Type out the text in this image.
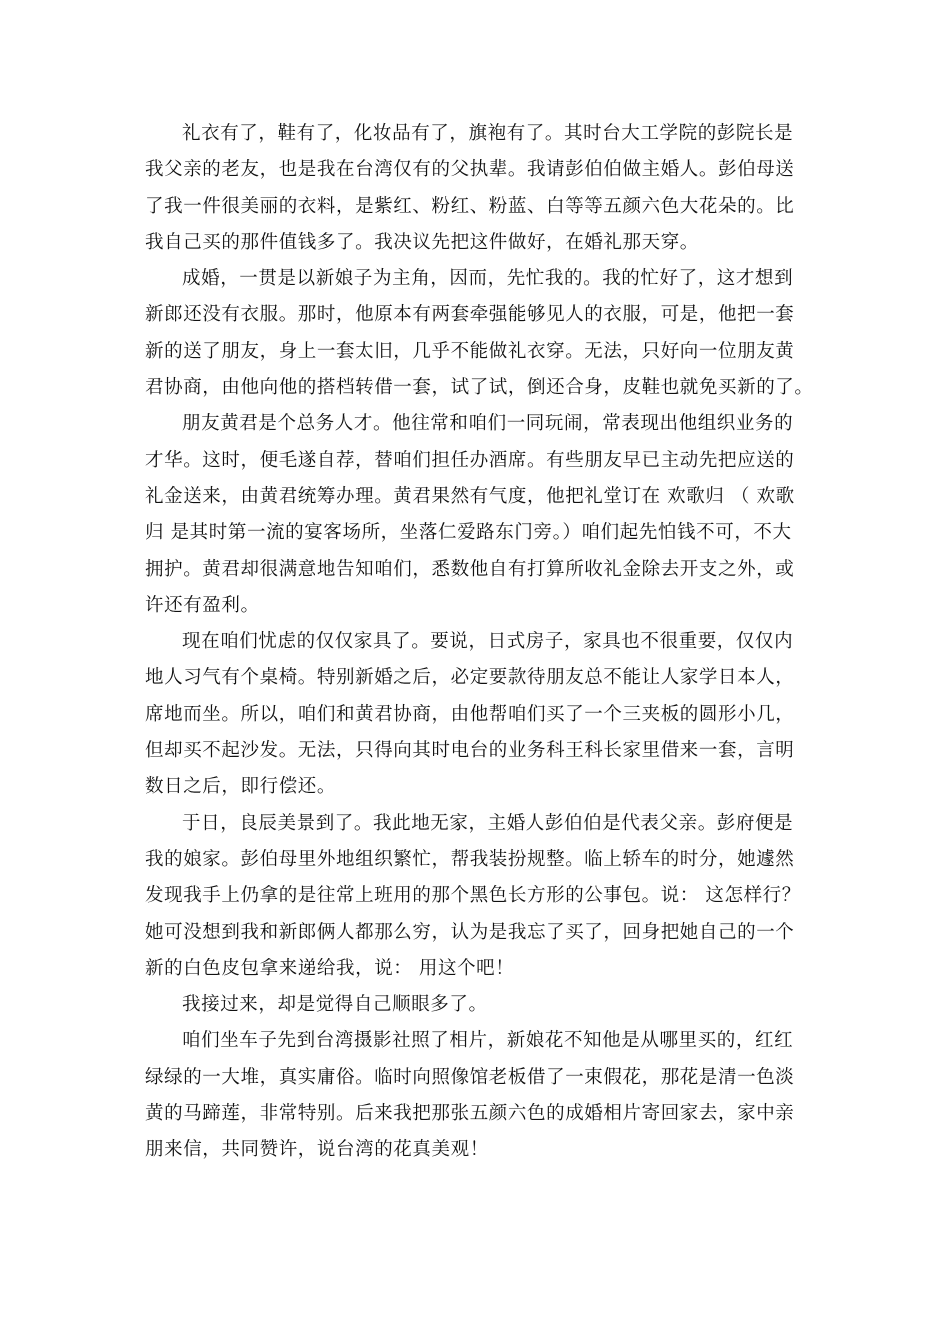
礼衣有了，鞋有了，化妆品有了，旗袍有了。其时台大工学院的彭院长是
我父亲的老友，也是我在台湾仅有的父执辈。我请彭伯伯做主婚人。彭伯母送
了我一件很美丽的衣料，是紫红、粉红、粉蓝、白等等五颜六色大花朵的。比
我自己买的那件值钱多了。我决议先把这件做好，在婚礼那天穿。
成婚，一贯是以新娘子为主角，因而，先忙我的。我的忙好了，这才想到
新郎还没有衣服。那时，他原本有两套牵强能够见人的衣服，可是，他把一套
新的送了朋友，身上一套太旧，几乎不能做礼衣穿。无法，只好向一位朋友黄
君协商，由他向他的搭档转借一套，试了试，倒还合身，皮鞋也就免买新的了。
朋友黄君是个总务人才。他往常和咱们一同玩闹，常表现出他组织业务的
才华。这时，便毛遂自荐，替咱们担任办酒席。有些朋友早已主动先把应送的
礼金送来，由黄君统筹办理。黄君果然有气度，他把礼堂订在 欢歌归 （ 欢歌
归 是其时第一流的宴客场所，坐落仁爱路东门旁。）咱们起先怕钱不可，不大
拥护。黄君却很满意地告知咱们，悉数他自有打算所收礼金除去开支之外，或
许还有盈利。
现在咱们忧虑的仅仅家具了。要说，日式房子，家具也不很重要，仅仅内
地人习气有个桌椅。特别新婚之后，必定要款待朋友总不能让人家学日本人，
席地而坐。所以，咱们和黄君协商，由他帮咱们买了一个三夹板的圆形小几，
但却买不起沙发。无法，只得向其时电台的业务科王科长家里借来一套，言明
数日之后，即行偿还。
于日，良辰美景到了。我此地无家，主婚人彭伯伯是代表父亲。彭府便是
我的娘家。彭伯母里外地组织繁忙，帮我装扮规整。临上轿车的时分，她遽然
发现我手上仍拿的是往常上班用的那个黑色长方形的公事包。说： 这怎样行？
她可没想到我和新郎俩人都那么穷，认为是我忘了买了，回身把她自己的一个
新的白色皮包拿来递给我，说： 用这个吧！
我接过来，却是觉得自己顺眼多了。
咱们坐车子先到台湾摄影社照了相片，新娘花不知他是从哪里买的，红红
绿绿的一大堆，真实庸俗。临时向照像馆老板借了一束假花，那花是清一色淡
黄的马蹄莲，非常特别。后来我把那张五颜六色的成婚相片寄回家去，家中亲
朋来信，共同赞许，说台湾的花真美观！
